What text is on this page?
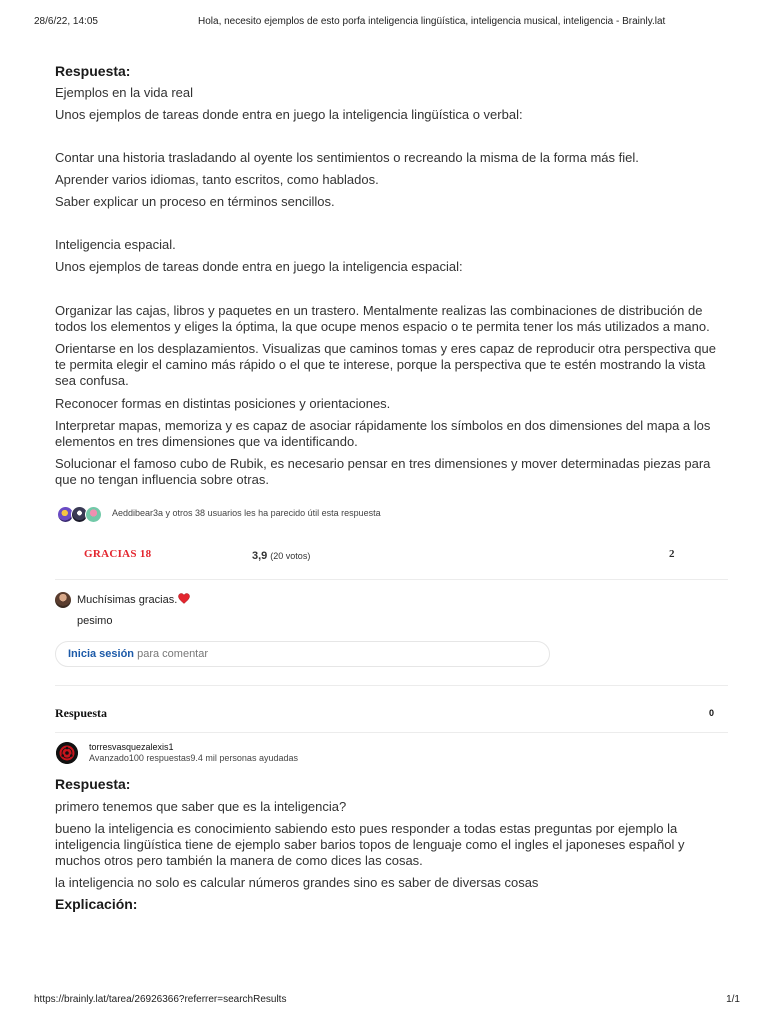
28/6/22, 14:05	Hola, necesito ejemplos de esto porfa inteligencia lingüística, inteligencia musical, inteligencia - Brainly.lat
Respuesta:
Ejemplos en la vida real
Unos ejemplos de tareas donde entra en juego la inteligencia lingüística o verbal:
Contar una historia trasladando al oyente los sentimientos o recreando la misma de la forma más fiel.
Aprender varios idiomas, tanto escritos, como hablados.
Saber explicar un proceso en términos sencillos.
Inteligencia espacial.
Unos ejemplos de tareas donde entra en juego la inteligencia espacial:
Organizar las cajas, libros y paquetes en un trastero. Mentalmente realizas las combinaciones de distribución de todos los elementos y eliges la óptima, la que ocupe menos espacio o te permita tener los más utilizados a mano.
Orientarse en los desplazamientos. Visualizas que caminos tomas y eres capaz de reproducir otra perspectiva que te permita elegir el camino más rápido o el que te interese, porque la perspectiva que te estén mostrando la vista sea confusa.
Reconocer formas en distintas posiciones y orientaciones.
Interpretar mapas, memoriza y es capaz de asociar rápidamente los símbolos en dos dimensiones del mapa a los elementos en tres dimensiones que va identificando.
Solucionar el famoso cubo de Rubik, es necesario pensar en tres dimensiones y mover determinadas piezas para que no tengan influencia sobre otras.
Aeddibear3a y otros 38 usuarios les ha parecido útil esta respuesta
GRACIAS 18	3,9 (20 votos)	2
Muchísimas gracias.
pesimo
Inicia sesión para comentar
Respuesta	0
torresvasquezalexis1
Avanzado100 respuestas9.4 mil personas ayudadas
Respuesta:
primero tenemos que saber que es la inteligencia?
bueno la inteligencia es conocimiento sabiendo esto pues responder a todas estas preguntas por ejemplo la inteligencia lingüística tiene de ejemplo saber barios topos de lenguaje como el ingles el japoneses español y muchos otros pero también la manera de como dices las cosas.
la inteligencia no solo es calcular números grandes sino es saber de diversas cosas
Explicación:
https://brainly.lat/tarea/26926366?referrer=searchResults	1/1
